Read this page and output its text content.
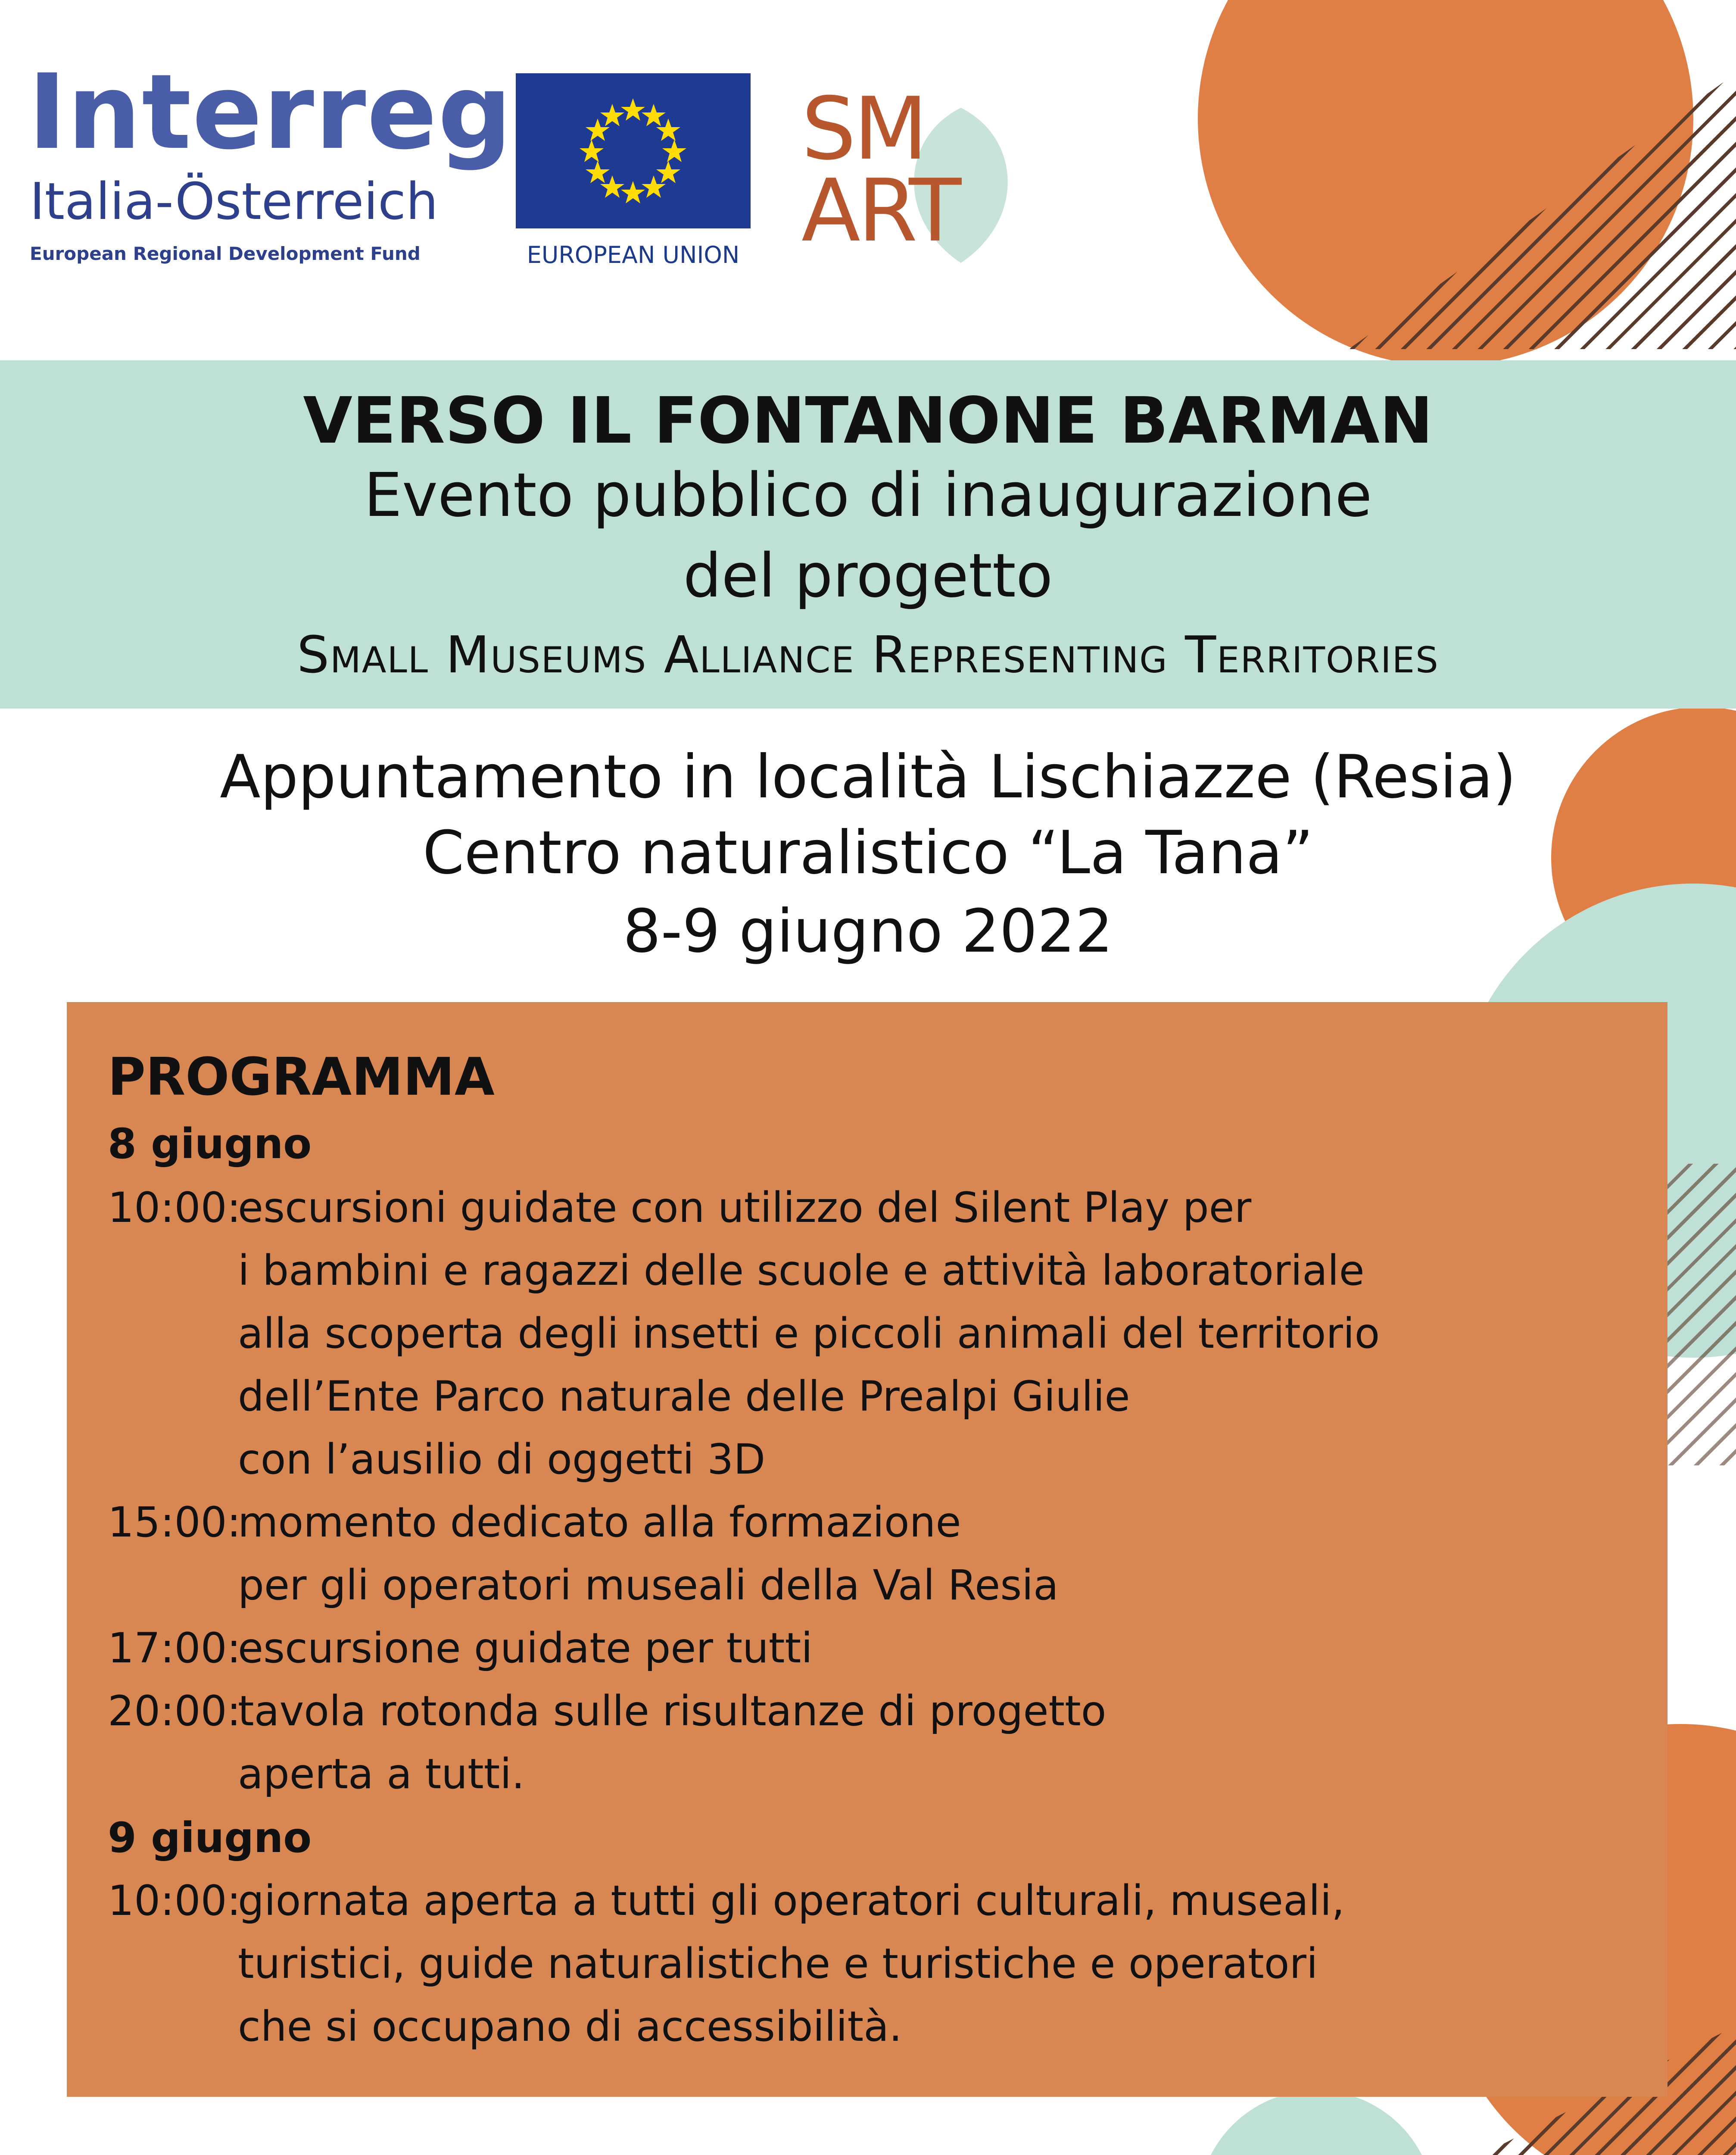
Interreg
Italia-Österreich
European Regional Development Fund	EUROPEAN UNION
SM
ART
VERSO IL FONTANONE BARMAN
Evento pubblico di inaugurazione
del progetto
Small Museums Alliance Representing Territories
Appuntamento in località Lischiazze (Resia)
Centro naturalistico “La Tana”
8-9 giugno 2022
PROGRAMMA
8 giugno
10:00:
escursioni guidate con utilizzo del Silent Play per
i bambini e ragazzi delle scuole e attività laboratoriale
alla scoperta degli insetti e piccoli animali del territorio
dell’Ente Parco naturale delle Prealpi Giulie
con l’ausilio di oggetti 3D
15:00:
momento dedicato alla formazione
per gli operatori museali della Val Resia
17:00:
escursione guidate per tutti
20:00:
tavola rotonda sulle risultanze di progetto
aperta a tutti.
9 giugno
10:00:
giornata aperta a tutti gli operatori culturali, museali,
turistici, guide naturalistiche e turistiche e operatori
che si occupano di accessibilità.
